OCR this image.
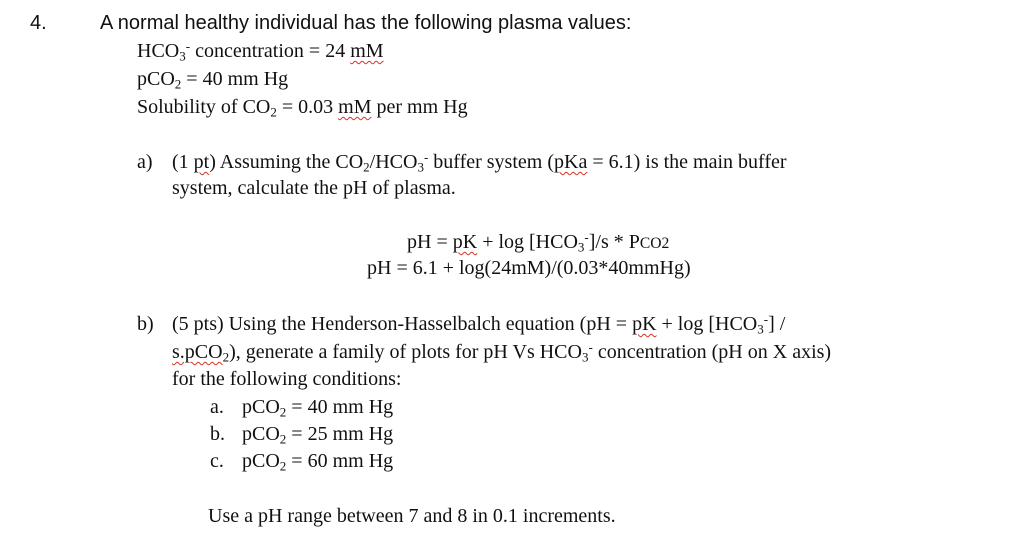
4.	A normal healthy individual has the following plasma values:
$HCO_3^-$ concentration = 24 mM
pCO$_2$ = 40 mm Hg
Solubility of $CO_2 = 0.03$ mM per mm Hg
a) (1 pt) Assuming the $CO_2/HCO_3^-$ buffer system (pKa = 6.1) is the main buffer
system, calculate the pH of plasma.
pH = pK + $\log [HCO_3^-]/s * PCO2$
pH = 6.1 + log(24mM)/(0.03*40mmHg)
b) (5 pts) Using the Henderson-Hasselbalch equation (pH = pK + $\log [HCO_3^-]$ /
s.pCO$_2$), generate a family of plots for pH Vs $HCO_3^-$ concentration (pH on X axis)
for the following conditions:
a. pCO$_2$ = 40 mm Hg
b. pCO$_2$ = 25 mm Hg
c. pCO$_2$ = 60 mm Hg
Use a pH range between 7 and 8 in 0.1 increments.
